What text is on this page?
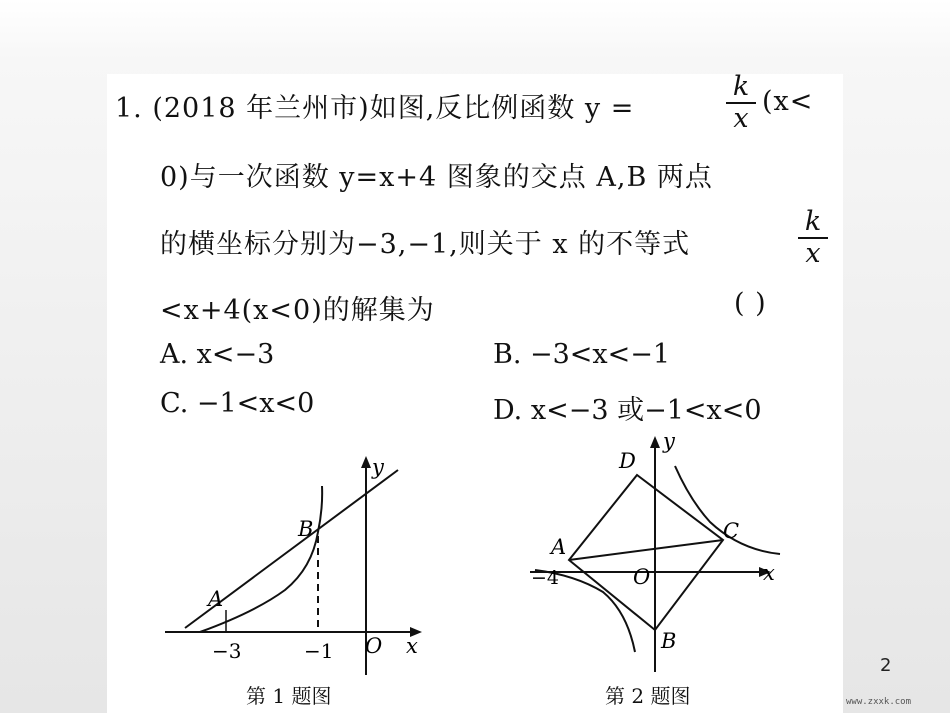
1. (2018 年兰州市)如图,反比例函数 y =
k
x
(x<
0)与一次函数 y=x+4 图象的交点 A,B 两点
的横坐标分别为−3,−1,则关于 x 的不等式
k
x
<x+4(x<0)的解集为	( )
A. x<−3	B. −3<x<−1
C. −1<x<0	D. x<−3 或−1<x<0
A
B
y
x
O
−3	−1
第 1 题图
D
A
C
B
O
y
x
−4
第 2 题图
2
www.zxxk.com
